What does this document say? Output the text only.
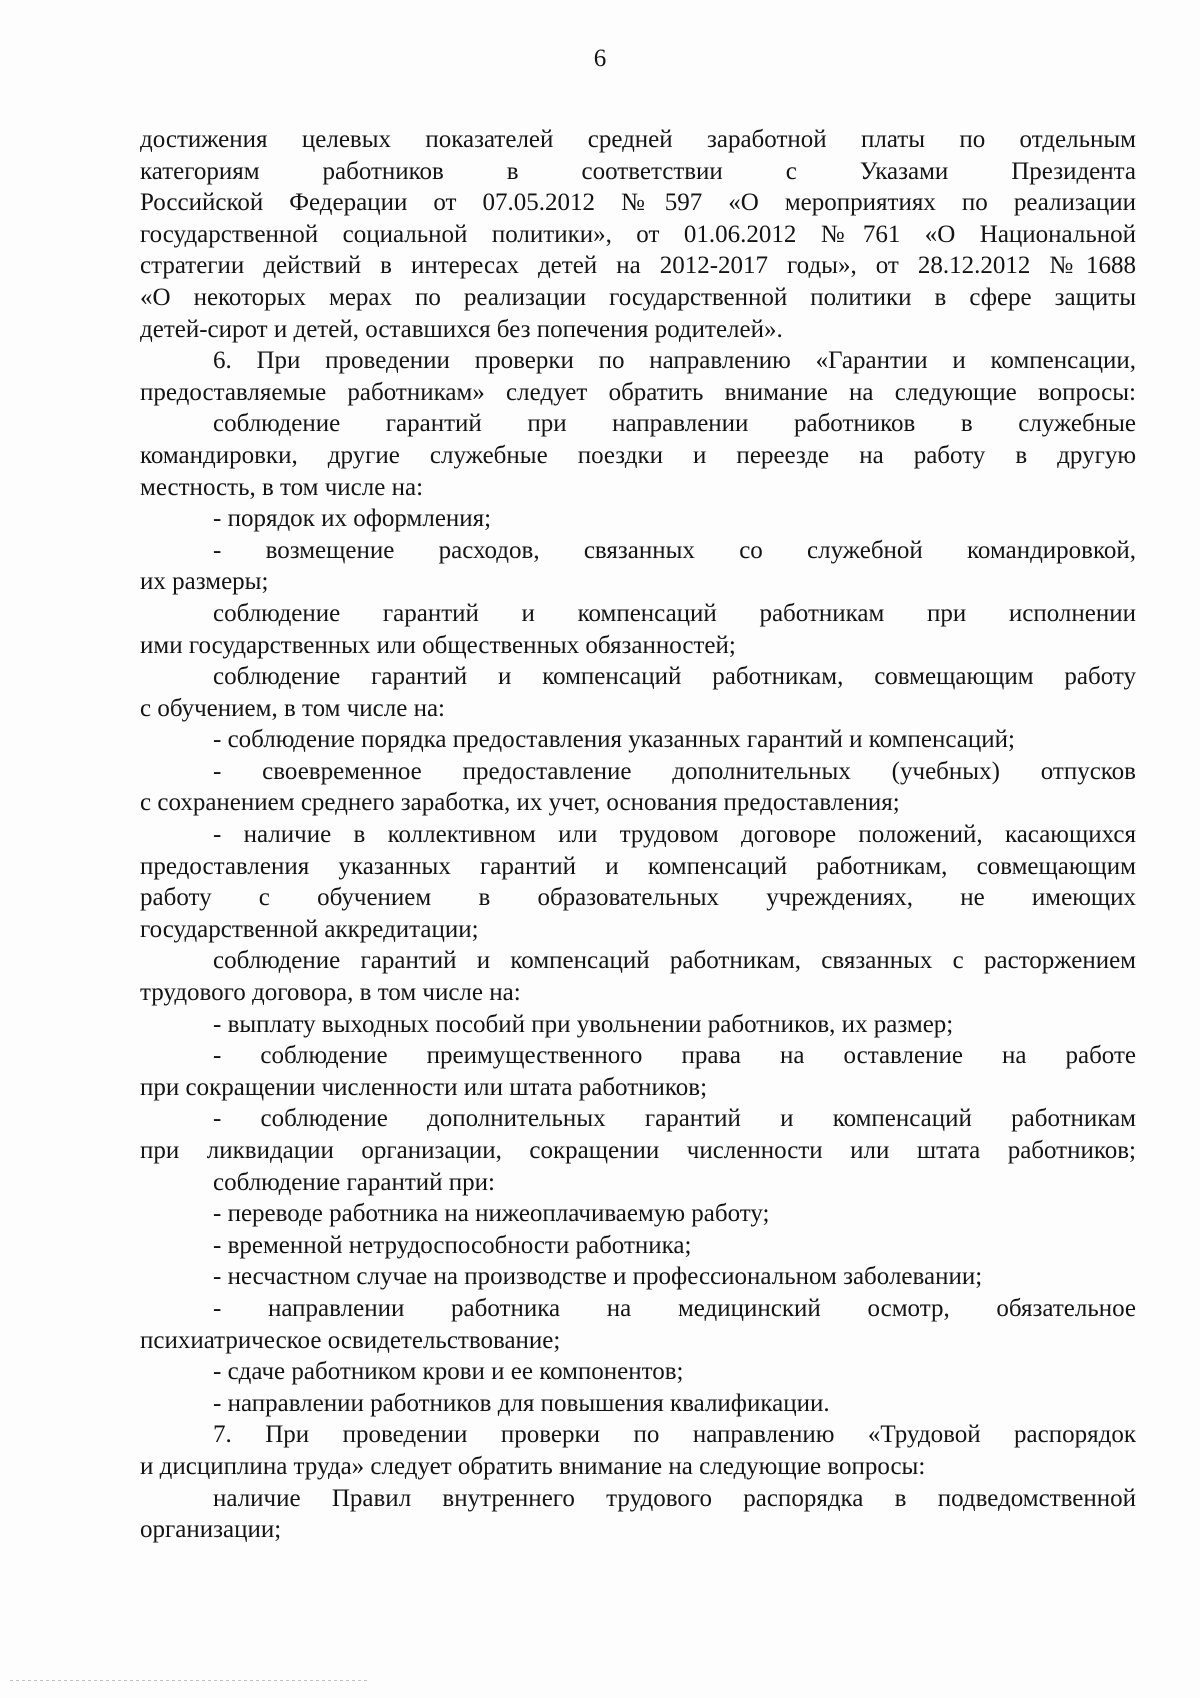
6
достижения целевых показателей средней заработной платы по отдельным
категориям работников в соответствии с Указами Президента
Российской Федерации от 07.05.2012 №597 «О мероприятиях по реализации
государственной социальной политики», от 01.06.2012 №761 «О Национальной
стратегии действий в интересах детей на 2012-2017 годы», от 28.12.2012 №1688
«О некоторых мерах по реализации государственной политики в сфере защиты
детей-сирот и детей, оставшихся без попечения родителей».
6. При проведении проверки по направлению «Гарантии и компенсации,
предоставляемые работникам» следует обратить внимание на следующие вопросы:
соблюдение гарантий при направлении работников в служебные
командировки, другие служебные поездки и переезде на работу в другую
местность, в том числе на:
- порядок их оформления;
- возмещение расходов, связанных со служебной командировкой,
их размеры;
соблюдение гарантий и компенсаций работникам при исполнении
ими государственных или общественных обязанностей;
соблюдение гарантий и компенсаций работникам, совмещающим работу
с обучением, в том числе на:
- соблюдение порядка предоставления указанных гарантий и компенсаций;
- своевременное предоставление дополнительных (учебных) отпусков
с сохранением среднего заработка, их учет, основания предоставления;
- наличие в коллективном или трудовом договоре положений, касающихся
предоставления указанных гарантий и компенсаций работникам, совмещающим
работу с обучением в образовательных учреждениях, не имеющих
государственной аккредитации;
соблюдение гарантий и компенсаций работникам, связанных с расторжением
трудового договора, в том числе на:
- выплату выходных пособий при увольнении работников, их размер;
- соблюдение преимущественного права на оставление на работе
при сокращении численности или штата работников;
- соблюдение дополнительных гарантий и компенсаций работникам
при ликвидации организации, сокращении численности или штата работников;
соблюдение гарантий при:
- переводе работника на нижеоплачиваемую работу;
- временной нетрудоспособности работника;
- несчастном случае на производстве и профессиональном заболевании;
- направлении работника на медицинский осмотр, обязательное
психиатрическое освидетельствование;
- сдаче работником крови и ее компонентов;
- направлении работников для повышения квалификации.
7. При проведении проверки по направлению «Трудовой распорядок
и дисциплина труда» следует обратить внимание на следующие вопросы:
наличие Правил внутреннего трудового распорядка в подведомственной
организации;
